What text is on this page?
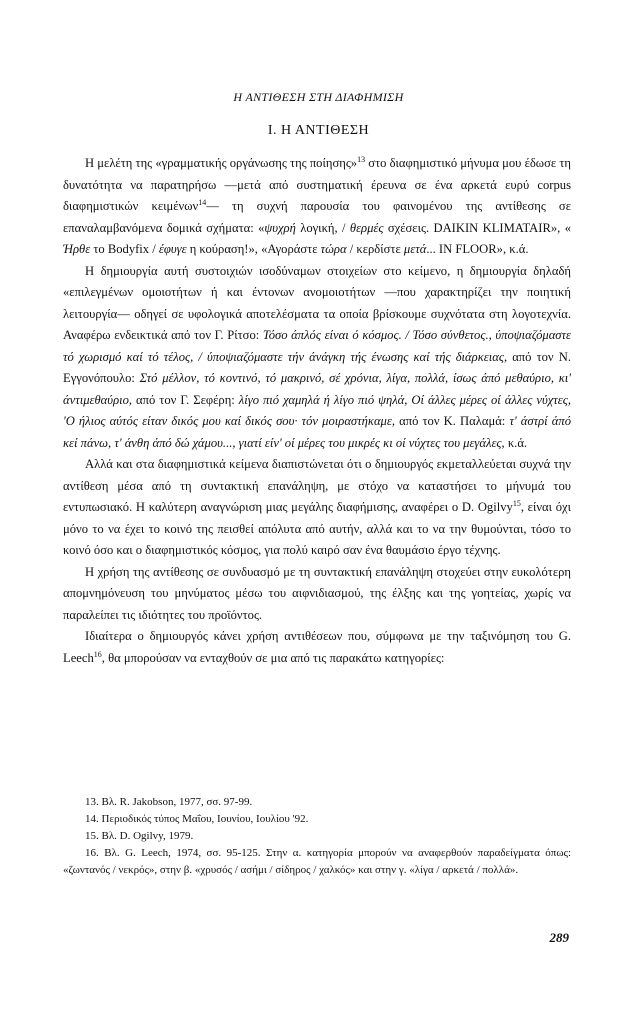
Η ΑΝΤΙΘΕΣΗ ΣΤΗ ΔΙΑΦΗΜΙΣΗ
Ι. Η ΑΝΤΙΘΕΣΗ

Η μελέτη της «γραμματικής οργάνωσης της ποίησης»$^{13}$ στο διαφημιστικό μήνυμα μου έδωσε τη δυνατότητα να παρατηρήσω —μετά από συστηματική έρευνα σε ένα αρκετά ευρύ corpus διαφημιστικών κειμένων$^{14}$— τη συχνή παρουσία του φαινομένου της αντίθεσης σε επαναλαμβανόμενα δομικά σχήματα: «ψυχρή λογική, / θερμές σχέσεις. DAIKIN KLIMATAIR», « Ήρθε το Bodyfix / έφυγε η κούραση!», «Αγοράστε τώρα / κερδίστε μετά... IN FLOOR», κ.ά.

Η δημιουργία αυτή συστοιχιών ισοδύναμων στοιχείων στο κείμενο, η δημιουργία δηλαδή «επιλεγμένων ομοιοτήτων ή και έντονων ανομοιοτήτων —που χαρακτηρίζει την ποιητική λειτουργία— οδηγεί σε υφολογικά αποτελέσματα τα οποία βρίσκουμε συχνότατα στη λογοτεχνία. Αναφέρω ενδεικτικά από τον Γ. Ρίτσο: Τόσο άπλός είναι ό κόσμος. / Τόσο σύνθετος., ύποψιαζόμαστε τό χωρισμό καί τό τέλος, / ύποψιαζόμαστε τήν άνάγκη τής ένωσης καί τής διάρκειας, από τον Ν. Εγγονόπουλο: Στό μέλλον, τό κοντινό, τό μακρινό, σέ χρόνια, λίγα, πολλά, ίσως άπό μεθαύριο, κι' άντιμεθαύριο, από τον Γ. Σεφέρη: λίγο πιό χαμηλά ή λίγο πιό ψηλά, Οί άλλες μέρες οί άλλες νύχτες, 'Ο ήλιος αύτός είταν δικός μου καί δικός σου· τόν μοιραστήκαμε, από τον Κ. Παλαμά: τ' άστρί άπό κεί πάνω, τ' άνθη άπό δώ χάμου..., γιατί είν' οί μέρες του μικρές κι οί νύχτες του μεγάλες, κ.ά.

Αλλά και στα διαφημιστικά κείμενα διαπιστώνεται ότι ο δημιουργός εκμεταλλεύεται συχνά την αντίθεση μέσα από τη συντακτική επανάληψη, με στόχο να καταστήσει το μήνυμά του εντυπωσιακό. Η καλύτερη αναγνώριση μιας μεγάλης διαφήμισης, αναφέρει ο D. Ogilvy$^{15}$, είναι όχι μόνο το να έχει το κοινό της πεισθεί απόλυτα από αυτήν, αλλά και το να την θυμούνται, τόσο το κοινό όσο και ο διαφημιστικός κόσμος, για πολύ καιρό σαν ένα θαυμάσιο έργο τέχνης.

Η χρήση της αντίθεσης σε συνδυασμό με τη συντακτική επανάληψη στοχεύει στην ευκολότερη απομνημόνευση του μηνύματος μέσω του αιφνιδιασμού, της έλξης και της γοητείας, χωρίς να παραλείπει τις ιδιότητες του προϊόντος.

Ιδιαίτερα ο δημιουργός κάνει χρήση αντιθέσεων που, σύμφωνα με την ταξινόμηση του G. Leech$^{16}$, θα μπορούσαν να ενταχθούν σε μια από τις παρακάτω κατηγορίες:

13. Βλ. R. Jakobson, 1977, σσ. 97-99.

14. Περιοδικός τύπος Μαΐου, Ιουνίου, Ιουλίου '92.

15. Βλ. D. Ogilvy, 1979.

16. Βλ. G. Leech, 1974, σσ. 95-125. Στην α. κατηγορία μπορούν να αναφερθούν παραδείγματα όπως: «ζωντανός / νεκρός», στην β. «χρυσός / ασήμι / σίδηρος / χαλκός» και στην γ. «λίγα / αρκετά / πολλά».

289
